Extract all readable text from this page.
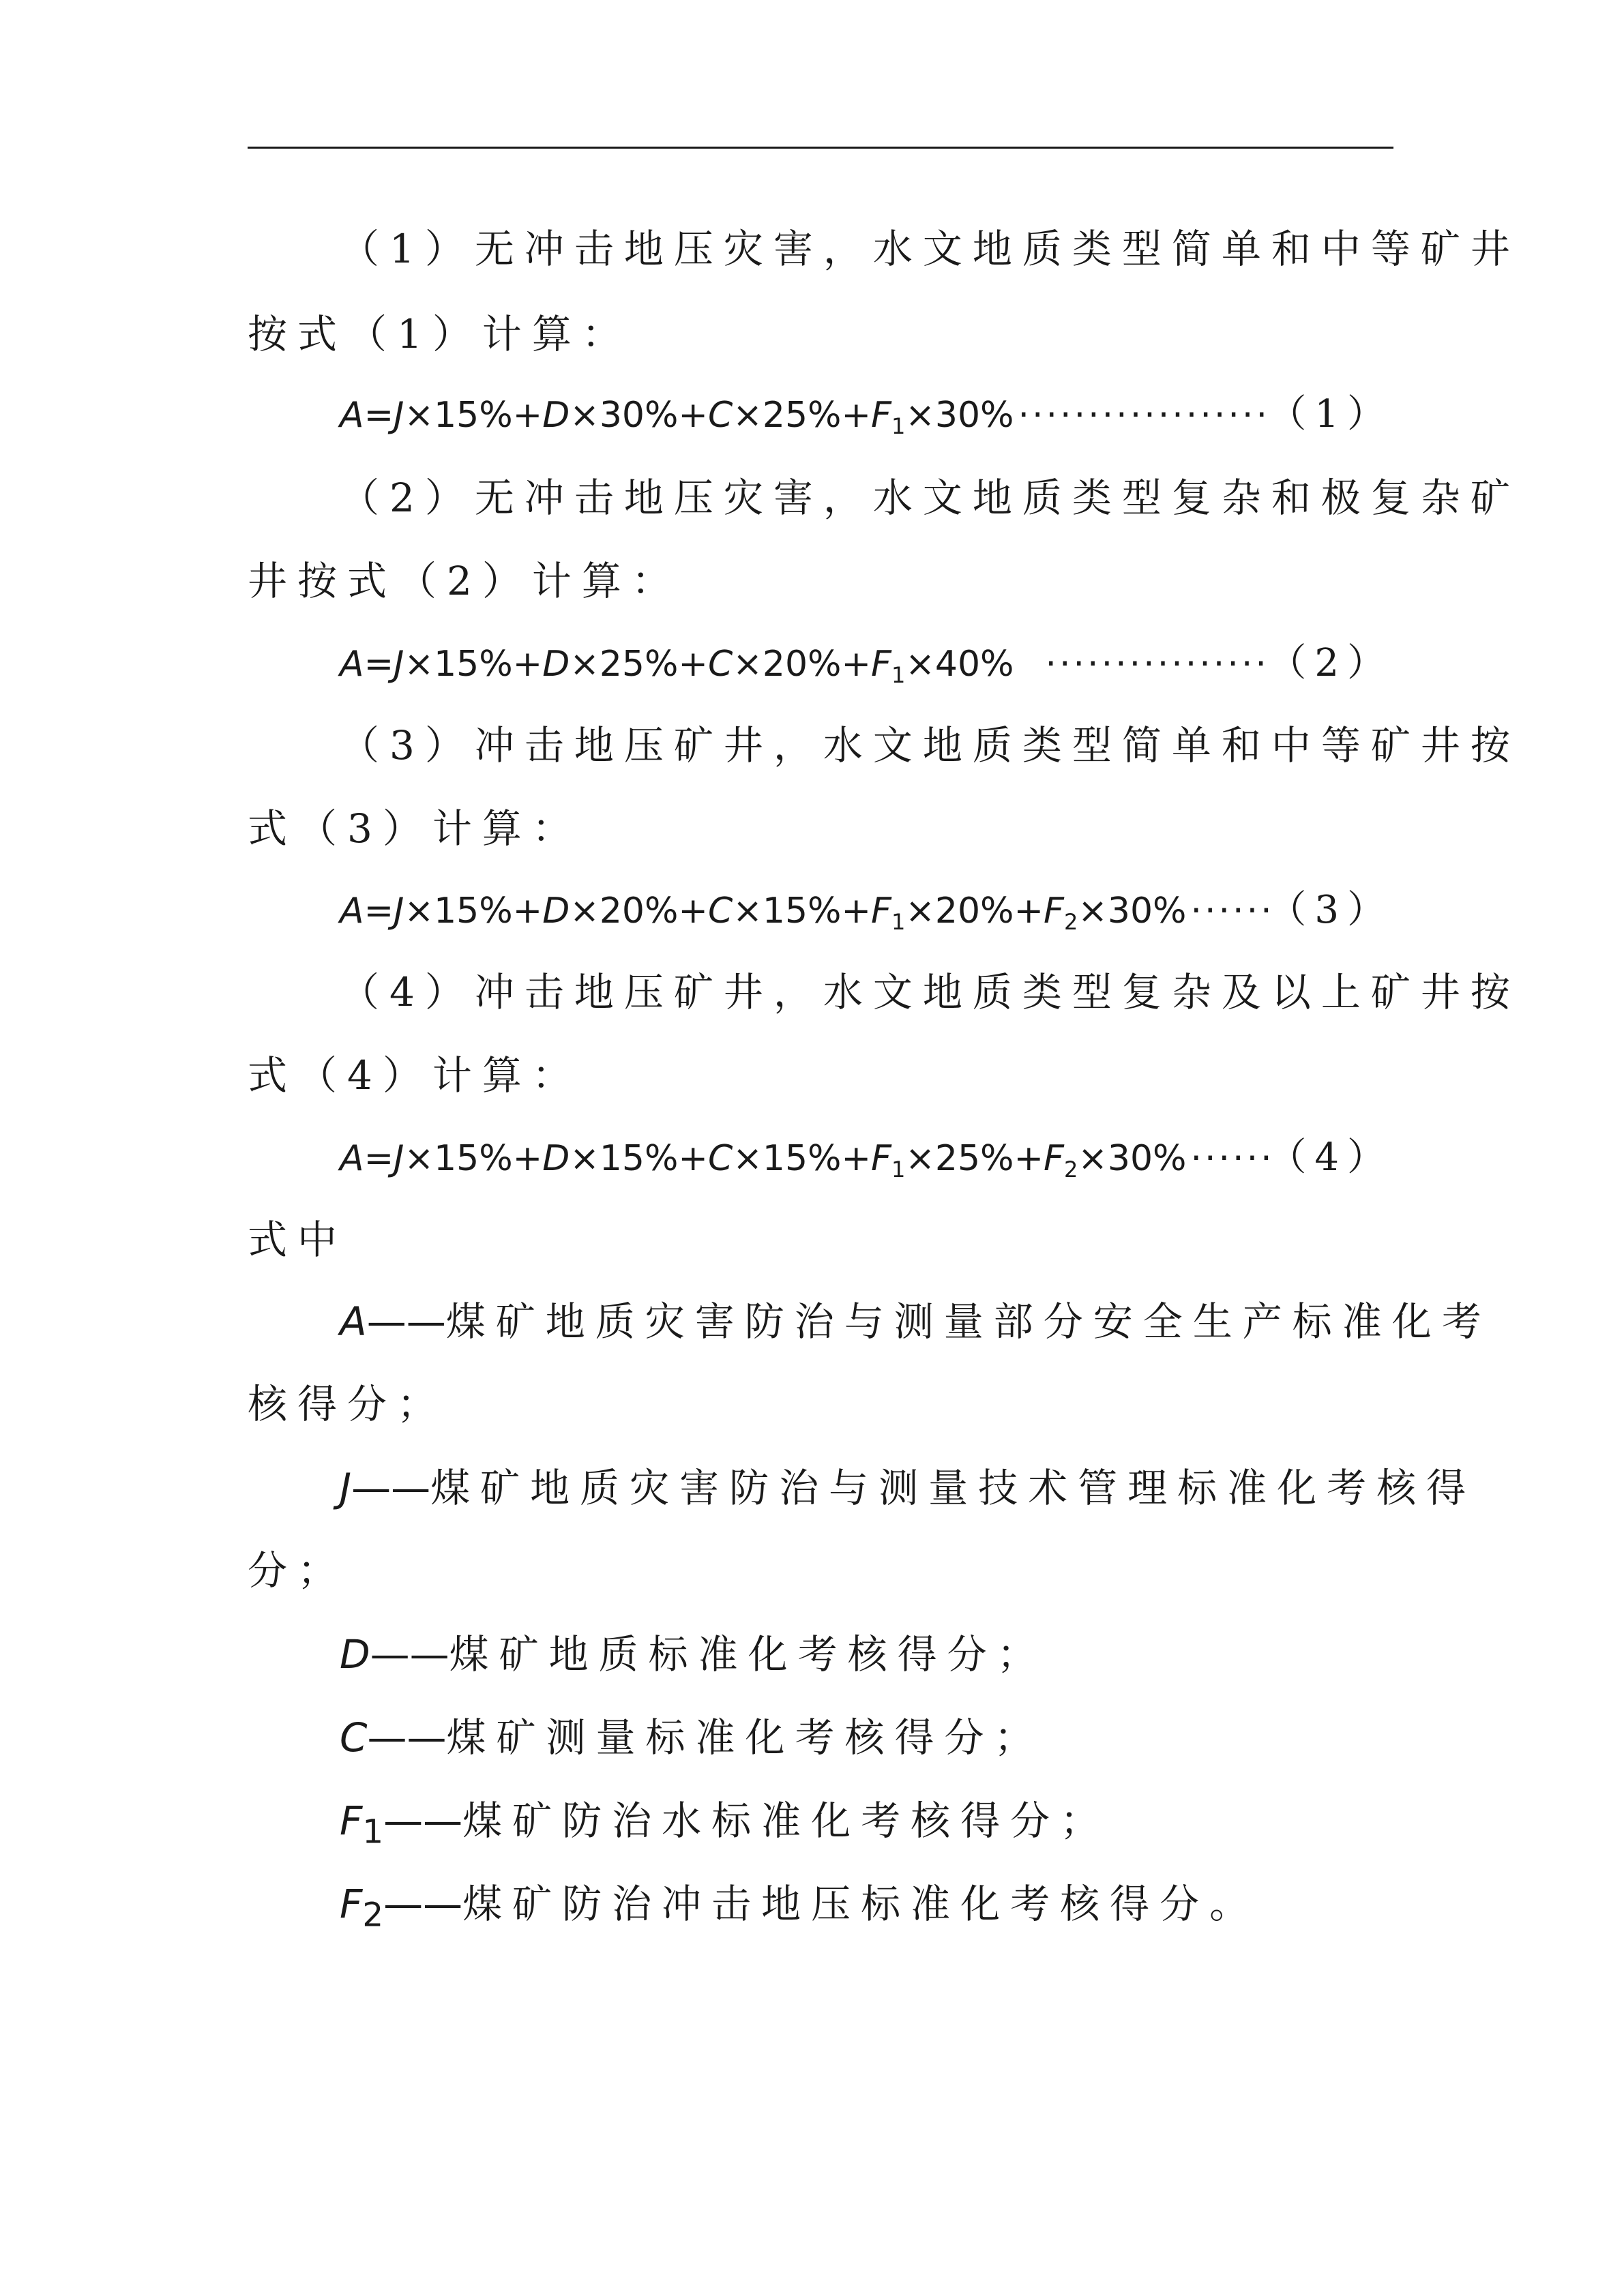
（1）无冲击地压灾害，水文地质类型简单和中等矿井
按式（1）计算：
$A=J\times 15\%+D\times 30\%+C\times 25\%+F_1\times 30\%$ ·····	（1）
（2）无冲击地压灾害，水文地质类型复杂和极复杂矿
井按式（2）计算：
$A=J\times 15\%+D\times 25\%+C\times 20\%+F_1\times 40\%$ ·····	（2）
（3）冲击地压矿井，水文地质类型简单和中等矿井按
式（3）计算：
$A=J\times 15\%+D\times 20\%+C\times 15\%+F_1\times 20\%+F_2\times 30\%$ ····· （3）
（4）冲击地压矿井，水文地质类型复杂及以上矿井按
式（4）计算：
$A=J\times 15\%+D\times 15\%+C\times 15\%+F_1\times 25\%+F_2\times 30\%$ ····· （4）
式中
A——煤矿地质灾害防治与测量部分安全生产标准化考
核得分；
J——煤矿地质灾害防治与测量技术管理标准化考核得
分；
D——煤矿地质标准化考核得分；
C——煤矿测量标准化考核得分；
$F_1——$煤矿防治水标准化考核得分；
$F_2——$煤矿防治冲击地压标准化考核得分。
